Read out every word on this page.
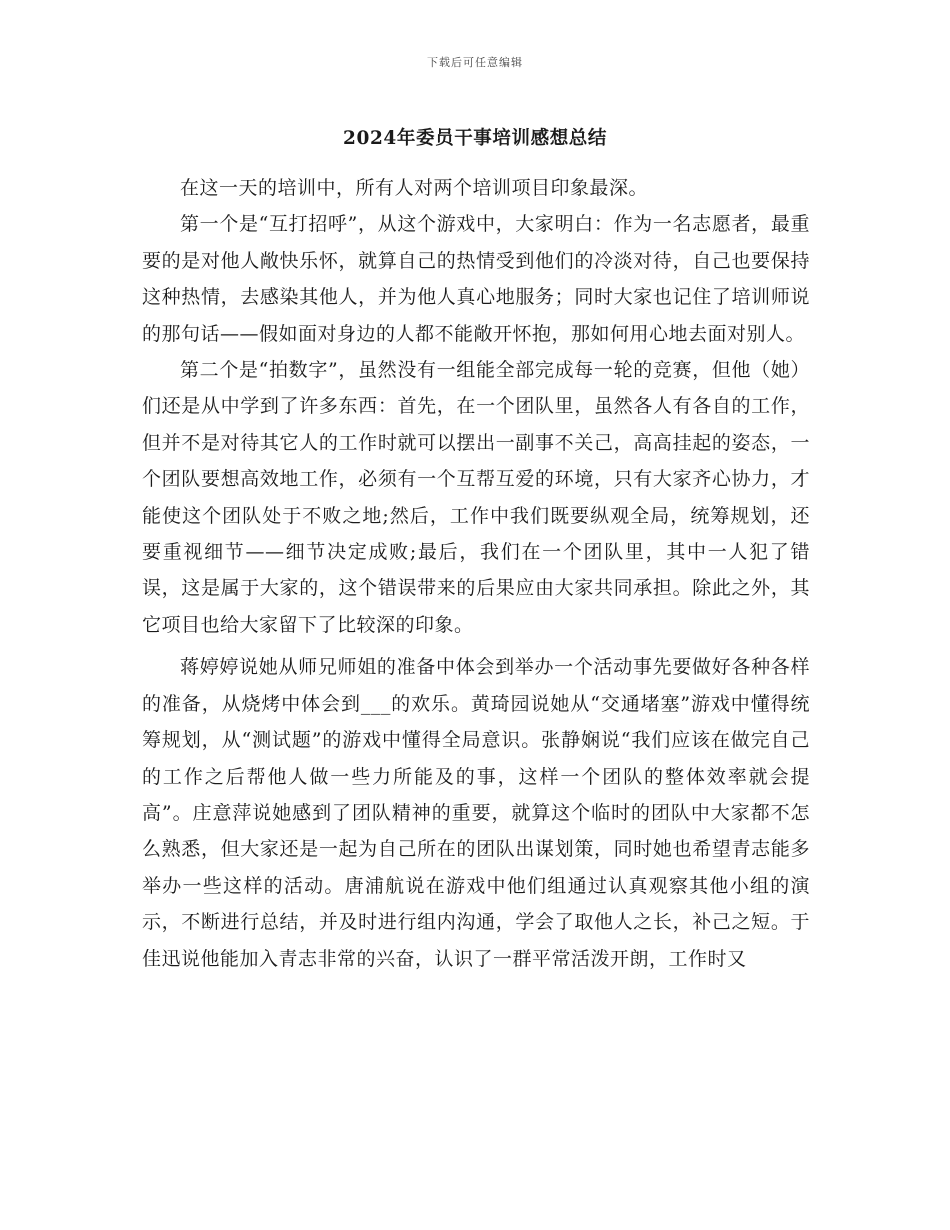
下载后可任意编辑
2024年委员干事培训感想总结

在这一天的培训中，所有人对两个培训项目印象最深。

第一个是“互打招呼”，从这个游戏中，大家明白：作为一名志愿者，最重要的是对他人敞快乐怀，就算自己的热情受到他们的冷淡对待，自己也要保持这种热情，去感染其他人，并为他人真心地服务；同时大家也记住了培训师说的那句话——假如面对身边的人都不能敞开怀抱，那如何用心地去面对别人。

第二个是“拍数字”，虽然没有一组能全部完成每一轮的竞赛，但他（她）们还是从中学到了许多东西：首先，在一个团队里，虽然各人有各自的工作，但并不是对待其它人的工作时就可以摆出一副事不关己，高高挂起的姿态，一个团队要想高效地工作，必须有一个互帮互爱的环境，只有大家齐心协力，才能使这个团队处于不败之地;然后，工作中我们既要纵观全局，统筹规划，还要重视细节——细节决定成败;最后，我们在一个团队里，其中一人犯了错误，这是属于大家的，这个错误带来的后果应由大家共同承担。除此之外，其它项目也给大家留下了比较深的印象。

蒋婷婷说她从师兄师姐的准备中体会到举办一个活动事先要做好各种各样的准备，从烧烤中体会到___的欢乐。黄琦园说她从“交通堵塞”游戏中懂得统筹规划，从“测试题”的游戏中懂得全局意识。张静娴说“我们应该在做完自己的工作之后帮他人做一些力所能及的事，这样一个团队的整体效率就会提高”。庄意萍说她感到了团队精神的重要，就算这个临时的团队中大家都不怎么熟悉，但大家还是一起为自己所在的团队出谋划策，同时她也希望青志能多举办一些这样的活动。唐浦航说在游戏中他们组通过认真观察其他小组的演示，不断进行总结，并及时进行组内沟通，学会了取他人之长，补己之短。于佳迅说他能加入青志非常的兴奋，认识了一群平常活泼开朗，工作时又
